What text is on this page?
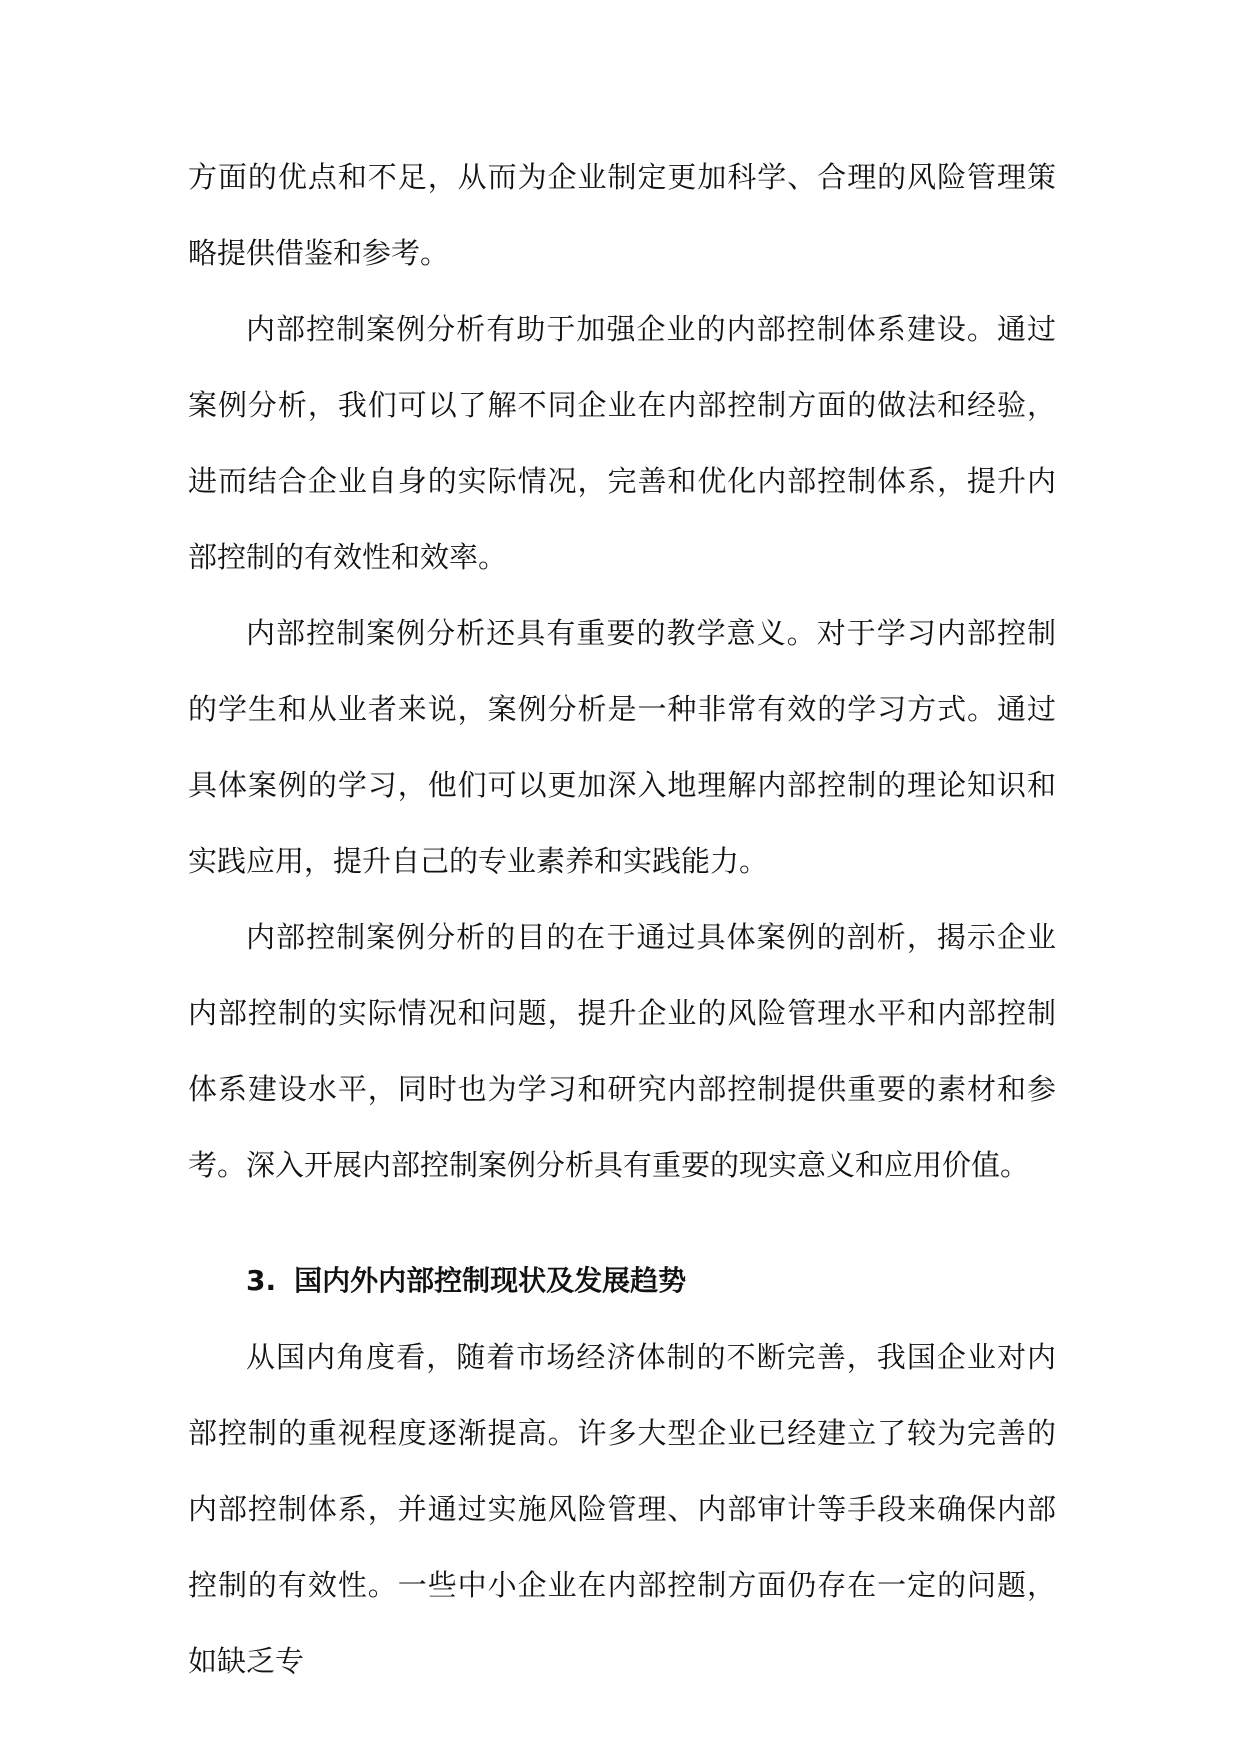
方面的优点和不足，从而为企业制定更加科学、合理的风险管理策略提供借鉴和参考。

内部控制案例分析有助于加强企业的内部控制体系建设。通过案例分析，我们可以了解不同企业在内部控制方面的做法和经验，进而结合企业自身的实际情况，完善和优化内部控制体系，提升内部控制的有效性和效率。

内部控制案例分析还具有重要的教学意义。对于学习内部控制的学生和从业者来说，案例分析是一种非常有效的学习方式。通过具体案例的学习，他们可以更加深入地理解内部控制的理论知识和实践应用，提升自己的专业素养和实践能力。

内部控制案例分析的目的在于通过具体案例的剖析，揭示企业内部控制的实际情况和问题，提升企业的风险管理水平和内部控制体系建设水平，同时也为学习和研究内部控制提供重要的素材和参考。深入开展内部控制案例分析具有重要的现实意义和应用价值。

3. 国内外内部控制现状及发展趋势

从国内角度看，随着市场经济体制的不断完善，我国企业对内部控制的重视程度逐渐提高。许多大型企业已经建立了较为完善的内部控制体系，并通过实施风险管理、内部审计等手段来确保内部控制的有效性。一些中小企业在内部控制方面仍存在一定的问题，如缺乏专
